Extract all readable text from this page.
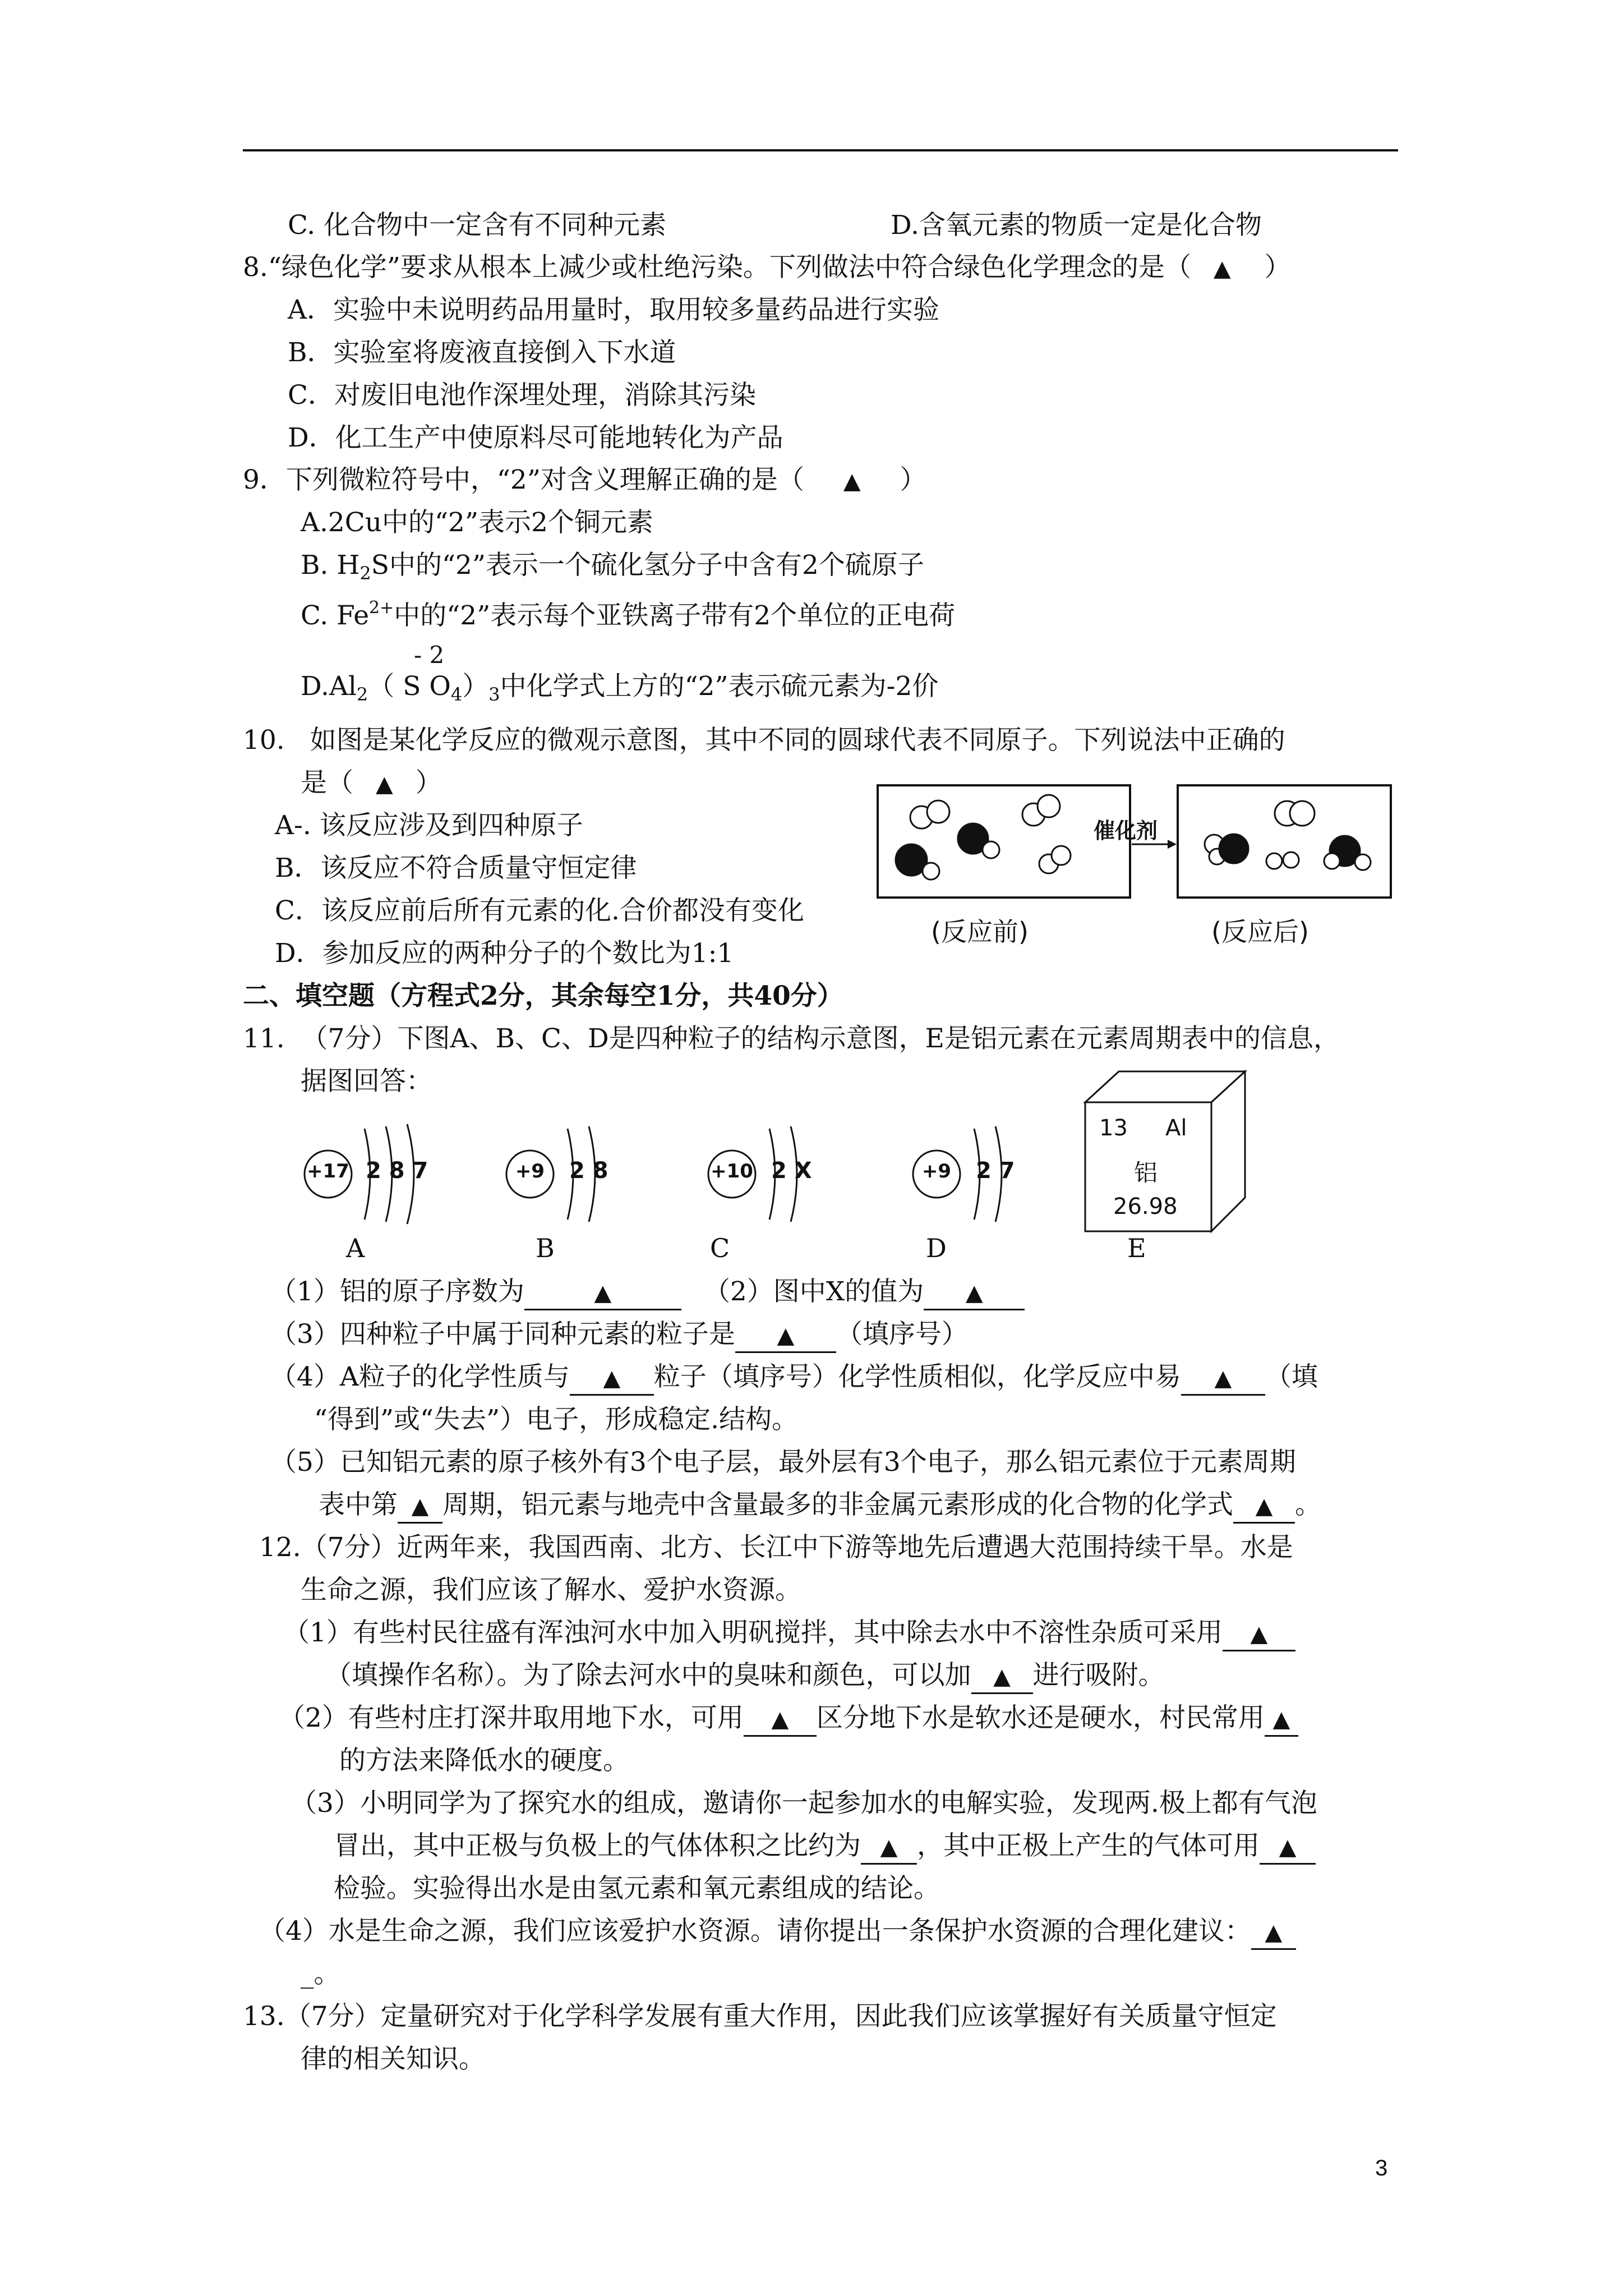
C. 化合物中一定含有不同种元素	D.含氧元素的物质一定是化合物
8.“绿色化学”要求从根本上减少或杜绝污染。下列做法中符合绿色化学理念的是（ ▲ ）
A．实验中未说明药品用量时，取用较多量药品进行实验
B．实验室将废液直接倒入下水道
C．对废旧电池作深埋处理，消除其污染
D．化工生产中使原料尽可能地转化为产品
9．下列微粒符号中，“2”对含义理解正确的是（ ▲ ）
A.2Cu中的“2”表示2个铜元素
B. $H_2S$中的“2”表示一个硫化氢分子中含有2个硫原子
C. $Fe^{2+}$中的“2”表示每个亚铁离子带有2个单位的正电荷
- 2
$D.Al_2$（ S $O_4)_3$中化学式上方的“2”表示硫元素为-2价
10.   如图是某化学反应的微观示意图，其中不同的圆球代表不同原子。下列说法中正确的
是（ ▲ ）
A-. 该反应涉及到四种原子
B．该反应不符合质量守恒定律
C．该反应前后所有元素的化.合价都没有变化
D．参加反应的两种分子的个数比为1:1
催化剂
(反应前)	(反应后)
二、填空题（方程式2分，其余每空1分，共40分）
11.  （7分）下图A、B、C、D是四种粒子的结构示意图，E是铝元素在元素周期表中的信息，
据图回答：
+17 2 8 7	+9	2 8	+10 2 X	+9	2 7
13 Al
铝
26.98
A	B	C	D	E
（1）铝的原子序数为	▲	（2）图中X的值为 ▲
（3）四种粒子中属于同种元素的粒子是 ▲ （填序号）
（4）A粒子的化学性质与 ▲ 粒子（填序号）化学性质相似，化学反应中易 ▲ （填
“得到”或“失去”）电子，形成稳定.结构。
（5）已知铝元素的原子核外有3个电子层，最外层有3个电子，那么铝元素位于元素周期
表中第 ▲ 周期，铝元素与地壳中含量最多的非金属元素形成的化合物的化学式 ▲ 。
12.（7分）近两年来，我国西南、北方、长江中下游等地先后遭遇大范围持续干旱。水是
生命之源，我们应该了解水、爱护水资源。
（1）有些村民往盛有浑浊河水中加入明矾搅拌，其中除去水中不溶性杂质可采用 ▲
（填操作名称）。为了除去河水中的臭味和颜色，可以加 ▲ 进行吸附。
（2）有些村庄打深井取用地下水，可用 ▲ 区分地下水是软水还是硬水，村民常用 ▲
的方法来降低水的硬度。
（3）小明同学为了探究水的组成，邀请你一起参加水的电解实验，发现两.极上都有气泡
冒出，其中正极与负极上的气体体积之比约为 ▲ ，其中正极上产生的气体可用 ▲
检验。实验得出水是由氢元素和氧元素组成的结论。
（4）水是生命之源，我们应该爱护水资源。请你提出一条保护水资源的合理化建议： ▲
_。
13.（7分）定量研究对于化学科学发展有重大作用，因此我们应该掌握好有关质量守恒定
律的相关知识。
3
